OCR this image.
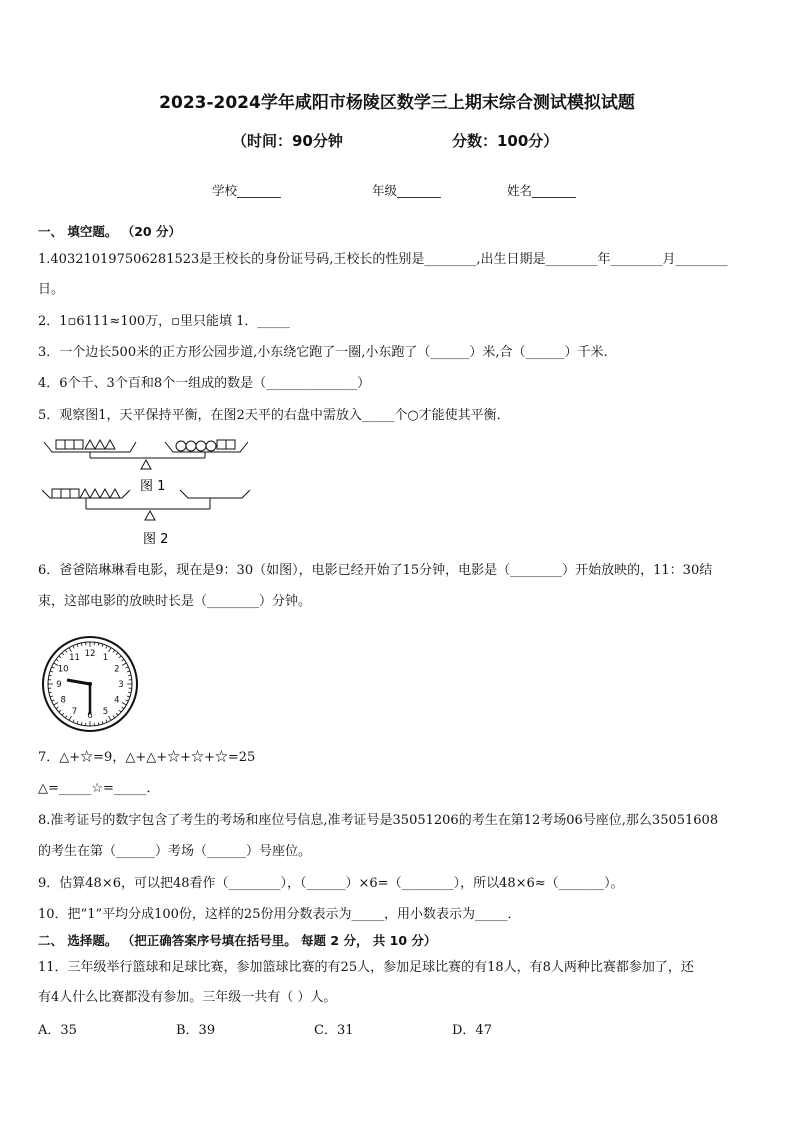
2023-2024学年咸阳市杨陵区数学三上期末综合测试模拟试题
（时间：90分钟	分数：100分）
学校_______	年级_______	姓名_______
一、 填空题。 （20 分）
1.403210197506281523是王校长的身份证号码,王校长的性别是________,出生日期是________年________月________
日。
2．1▫6111≈100万，▫里只能填 1．_____
3．一个边长500米的正方形公园步道,小东绕它跑了一圈,小东跑了（______）米,合（______）千米.
4．6个千、3个百和8个一组成的数是（______________）
5．观察图1，天平保持平衡，在图2天平的右盘中需放入_____个○才能使其平衡．
图 1
图 2
6．爸爸陪琳琳看电影，现在是9：30（如图），电影已经开始了15分钟，电影是（________）开始放映的，11：30结
束，这部电影的放映时长是（________）分钟。
12 1
2
3
4
5
6
7
8
9
10
11
7．△+☆=9，△+△+☆+☆+☆=25
△=_____☆=_____．
8.准考证号的数字包含了考生的考场和座位号信息,准考证号是35051206的考生在第12考场06号座位,那么35051608
的考生在第（______）考场（______）号座位。
9．估算48×6，可以把48看作（________），（______）×6=（________），所以48×6≈（_______）。
10．把“1”平均分成100份，这样的25份用分数表示为_____，用小数表示为_____．
二、 选择题。 （把正确答案序号填在括号里。 每题 2 分， 共 10 分）
11．三年级举行篮球和足球比赛，参加篮球比赛的有25人，参加足球比赛的有18人，有8人两种比赛都参加了，还
有4人什么比赛都没有参加。三年级一共有（ ）人。
A．35	B．39	C．31	D．47
